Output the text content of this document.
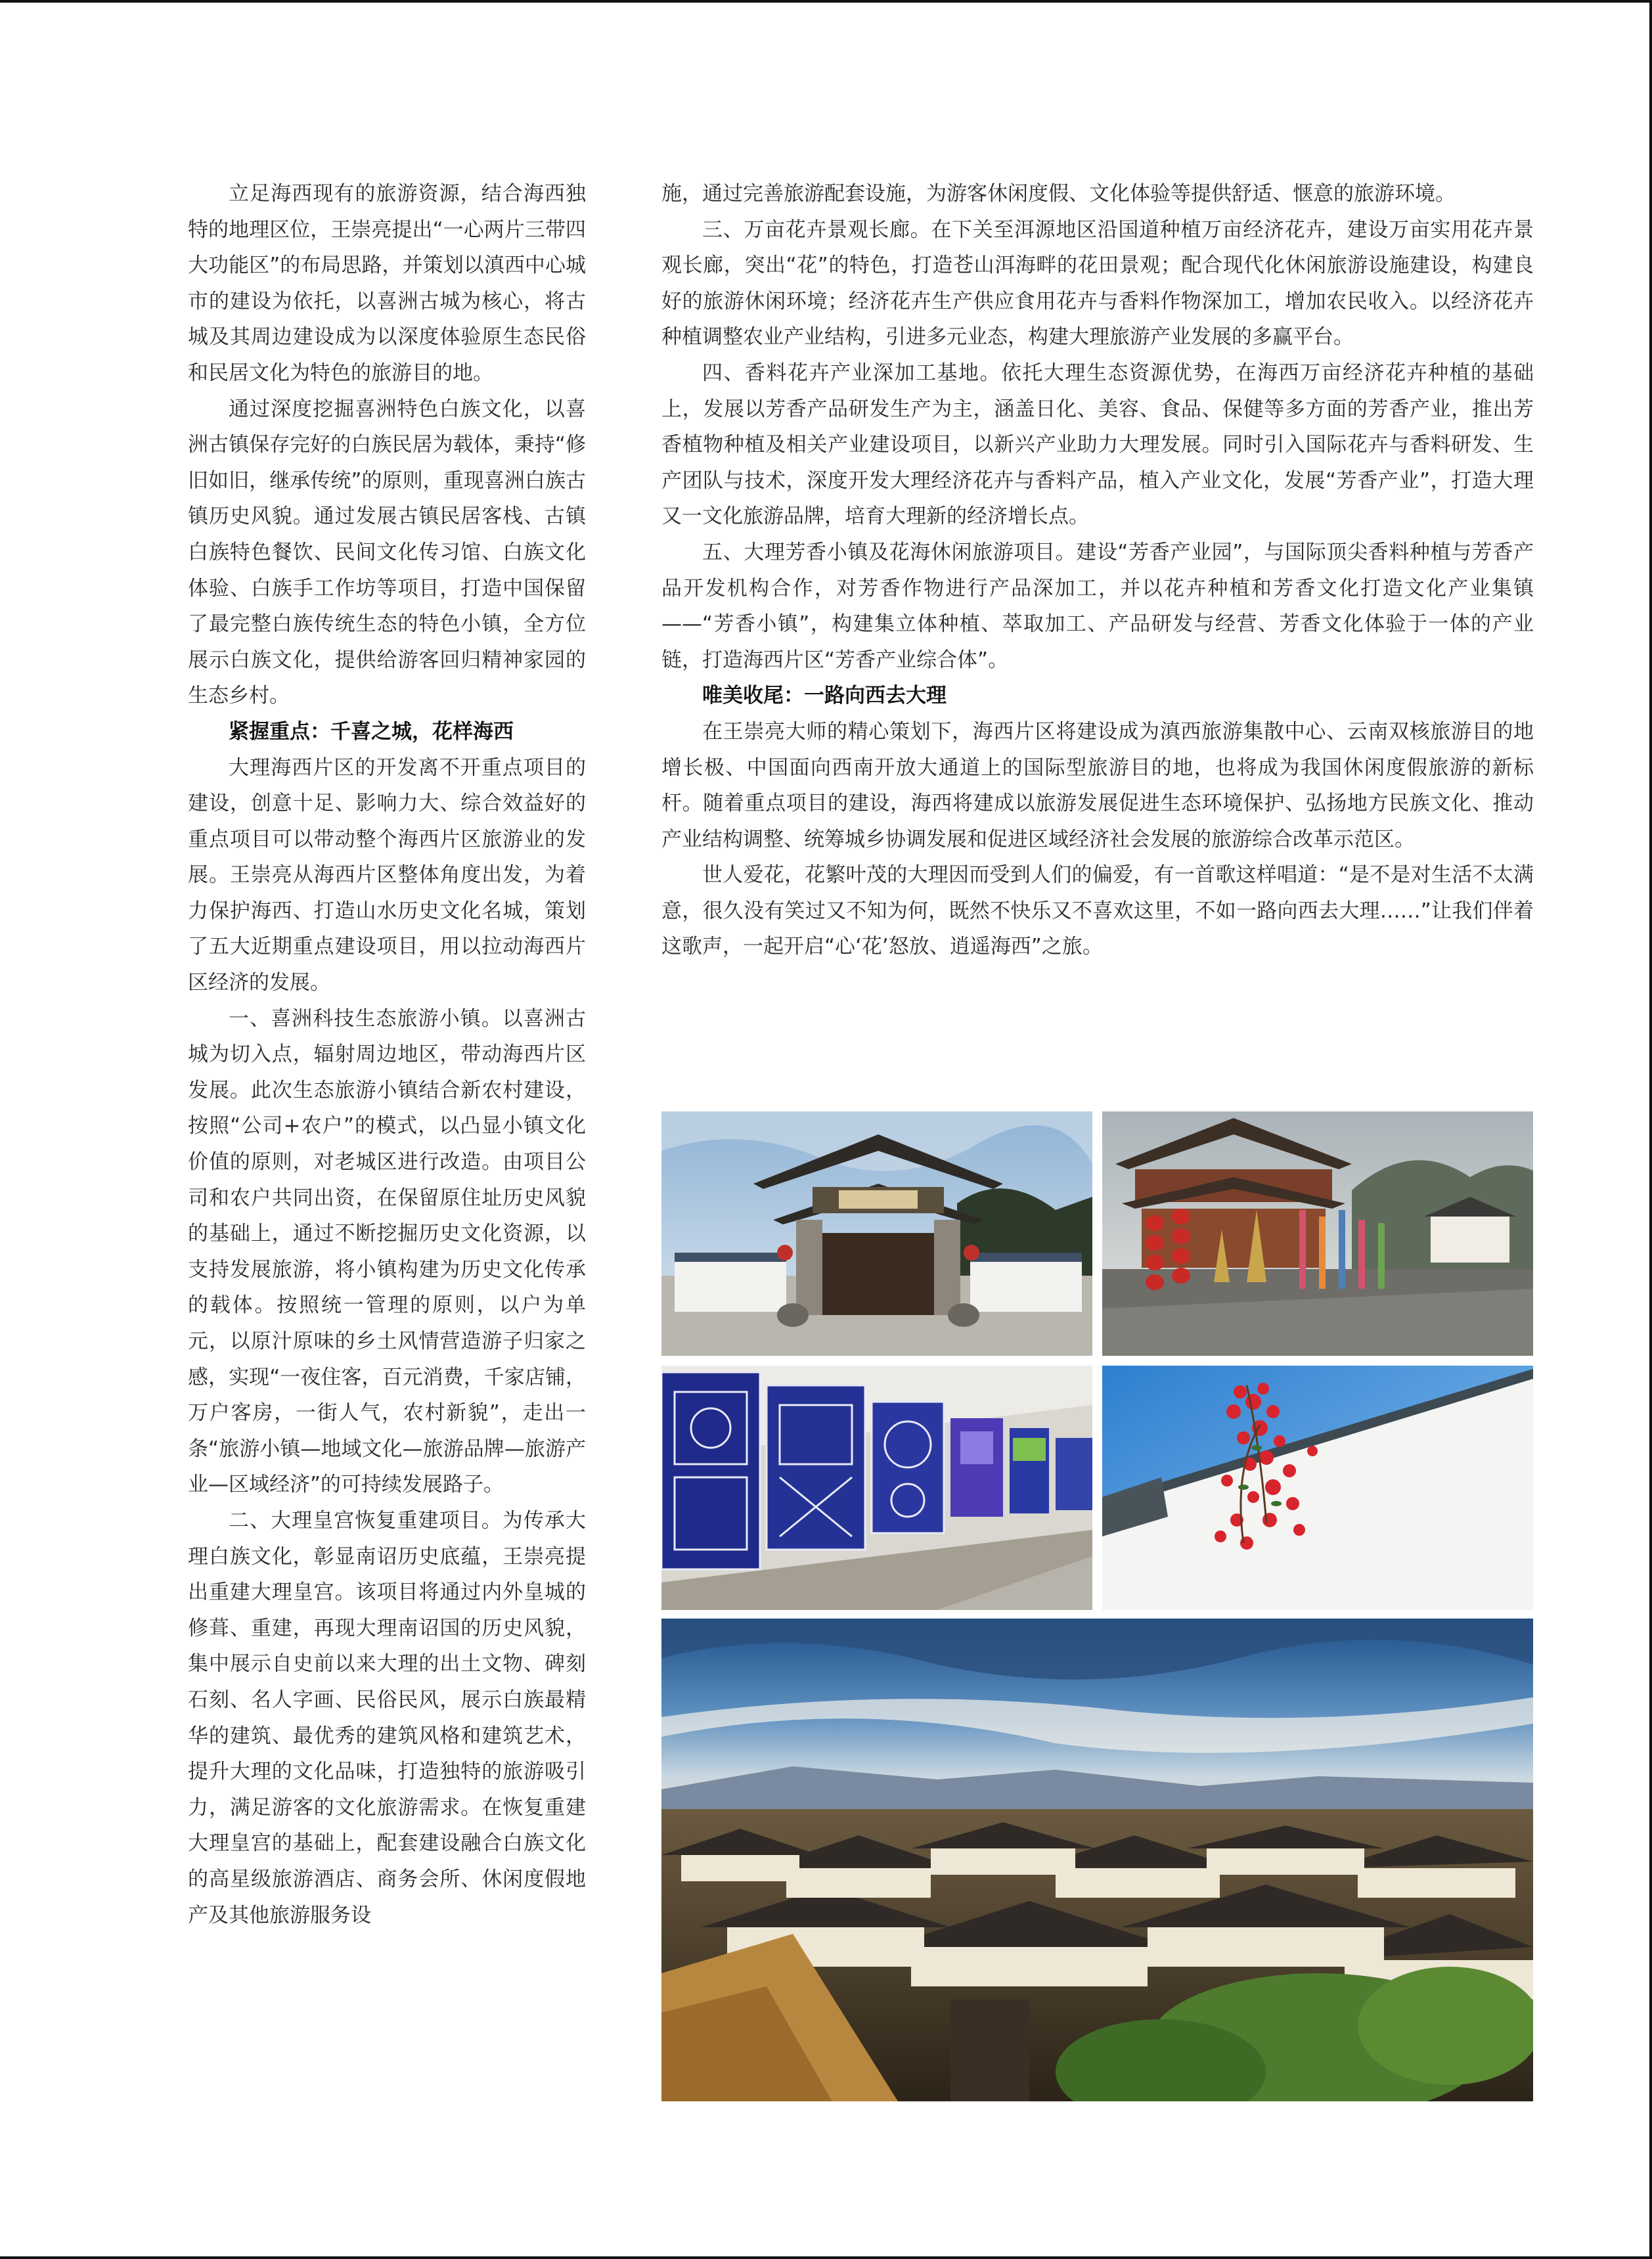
立足海西现有的旅游资源，结合海西独特的地理区位，王崇亮提出“一心两片三带四大功能区”的布局思路，并策划以滇西中心城市的建设为依托，以喜洲古城为核心，将古城及其周边建设成为以深度体验原生态民俗和民居文化为特色的旅游目的地。

通过深度挖掘喜洲特色白族文化，以喜洲古镇保存完好的白族民居为载体，秉持“修旧如旧，继承传统”的原则，重现喜洲白族古镇历史风貌。通过发展古镇民居客栈、古镇白族特色餐饮、民间文化传习馆、白族文化体验、白族手工作坊等项目，打造中国保留了最完整白族传统生态的特色小镇，全方位展示白族文化，提供给游客回归精神家园的生态乡村。

紧握重点：千喜之城，花样海西

大理海西片区的开发离不开重点项目的建设，创意十足、影响力大、综合效益好的重点项目可以带动整个海西片区旅游业的发展。王崇亮从海西片区整体角度出发，为着力保护海西、打造山水历史文化名城，策划了五大近期重点建设项目，用以拉动海西片区经济的发展。

一、喜洲科技生态旅游小镇。以喜洲古城为切入点，辐射周边地区，带动海西片区发展。此次生态旅游小镇结合新农村建设，按照“公司+农户”的模式，以凸显小镇文化价值的原则，对老城区进行改造。由项目公司和农户共同出资，在保留原住址历史风貌的基础上，通过不断挖掘历史文化资源，以支持发展旅游，将小镇构建为历史文化传承的载体。按照统一管理的原则，以户为单元，以原汁原味的乡土风情营造游子归家之感，实现“一夜住客，百元消费，千家店铺，万户客房，一街人气，农村新貌”，走出一条“旅游小镇—地域文化—旅游品牌—旅游产业—区域经济”的可持续发展路子。

二、大理皇宫恢复重建项目。为传承大理白族文化，彰显南诏历史底蕴，王崇亮提出重建大理皇宫。该项目将通过内外皇城的修葺、重建，再现大理南诏国的历史风貌，集中展示自史前以来大理的出土文物、碑刻石刻、名人字画、民俗民风，展示白族最精华的建筑、最优秀的建筑风格和建筑艺术，提升大理的文化品味，打造独特的旅游吸引力，满足游客的文化旅游需求。在恢复重建大理皇宫的基础上，配套建设融合白族文化的高星级旅游酒店、商务会所、休闲度假地产及其他旅游服务设

施，通过完善旅游配套设施，为游客休闲度假、文化体验等提供舒适、惬意的旅游环境。

三、万亩花卉景观长廊。在下关至洱源地区沿国道种植万亩经济花卉，建设万亩实用花卉景观长廊，突出“花”的特色，打造苍山洱海畔的花田景观；配合现代化休闲旅游设施建设，构建良好的旅游休闲环境；经济花卉生产供应食用花卉与香料作物深加工，增加农民收入。以经济花卉种植调整农业产业结构，引进多元业态，构建大理旅游产业发展的多赢平台。

四、香料花卉产业深加工基地。依托大理生态资源优势，在海西万亩经济花卉种植的基础上，发展以芳香产品研发生产为主，涵盖日化、美容、食品、保健等多方面的芳香产业，推出芳香植物种植及相关产业建设项目，以新兴产业助力大理发展。同时引入国际花卉与香料研发、生产团队与技术，深度开发大理经济花卉与香料产品，植入产业文化，发展“芳香产业”，打造大理又一文化旅游品牌，培育大理新的经济增长点。

五、大理芳香小镇及花海休闲旅游项目。建设“芳香产业园”，与国际顶尖香料种植与芳香产品开发机构合作，对芳香作物进行产品深加工，并以花卉种植和芳香文化打造文化产业集镇——“芳香小镇”，构建集立体种植、萃取加工、产品研发与经营、芳香文化体验于一体的产业链，打造海西片区“芳香产业综合体”。

唯美收尾：一路向西去大理

在王崇亮大师的精心策划下，海西片区将建设成为滇西旅游集散中心、云南双核旅游目的地增长极、中国面向西南开放大通道上的国际型旅游目的地，也将成为我国休闲度假旅游的新标杆。随着重点项目的建设，海西将建成以旅游发展促进生态环境保护、弘扬地方民族文化、推动产业结构调整、统筹城乡协调发展和促进区域经济社会发展的旅游综合改革示范区。

世人爱花，花繁叶茂的大理因而受到人们的偏爱，有一首歌这样唱道：“是不是对生活不太满意，很久没有笑过又不知为何，既然不快乐又不喜欢这里，不如一路向西去大理……”让我们伴着这歌声，一起开启“心‘花’怒放、逍遥海西”之旅。
